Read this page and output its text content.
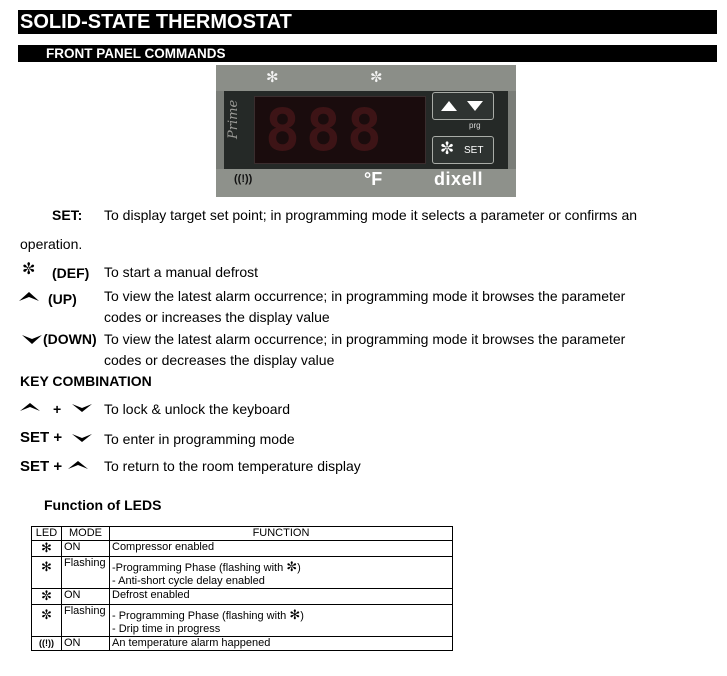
SOLID-STATE THERMOSTAT
FRONT PANEL COMMANDS
✻	✼
Prime 888	prg
✼ SET
((!))	°F	dixell
SET: To display target set point; in programming mode it selects a parameter or confirms an
operation.
✼ (DEF) To start a manual defrost
(UP) To view the latest alarm occurrence; in programming mode it browses the parameter
codes or increases the display value
(DOWN) To view the latest alarm occurrence; in programming mode it browses the parameter
codes or decreases the display value
KEY COMBINATION
+	To lock & unlock the keyboard
SET +	To enter in programming mode
SET +	To return to the room temperature display
Function of LEDS
LED	MODE	FUNCTION
✻	ON	Compressor enabled
✻	Flashing	-Programming Phase (flashing with ✼)
- Anti-short cycle delay enabled

✼	ON	Defrost enabled
✼	Flashing	- Programming Phase (flashing with ✻)
- Drip time in progress

((!))	ON	An temperature alarm happened
